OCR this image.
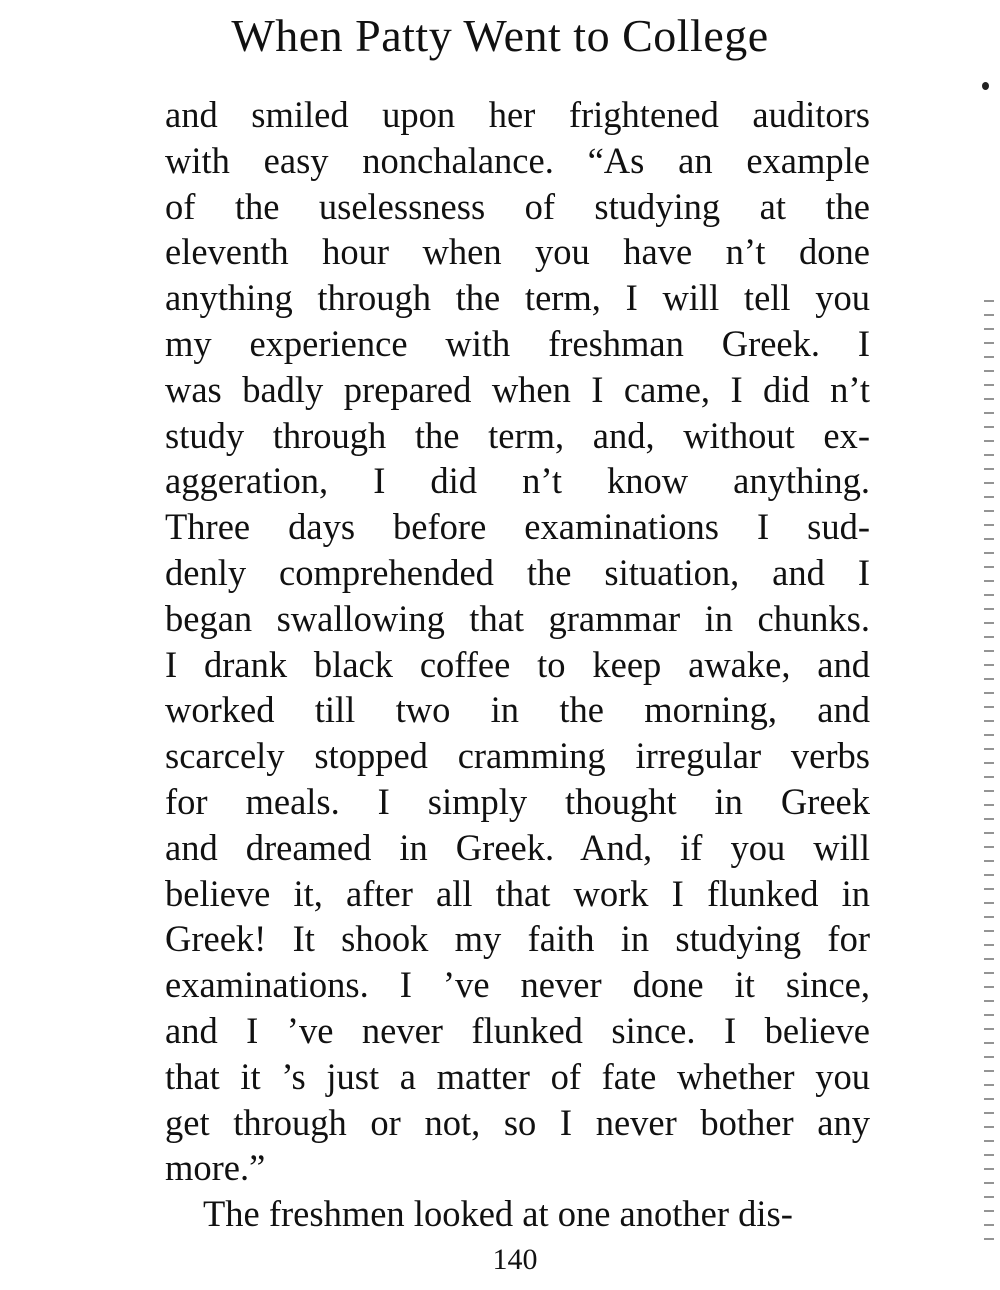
When Patty Went to College
and smiled upon her frightened auditors
with easy nonchalance. “As an example
of the uselessness of studying at the
eleventh hour when you have n’t done
anything through the term, I will tell you
my experience with freshman Greek. I
was badly prepared when I came, I did n’t
study through the term, and, without ex-
aggeration, I did n’t know anything.
Three days before examinations I sud-
denly comprehended the situation, and I
began swallowing that grammar in chunks.
I drank black coffee to keep awake, and
worked till two in the morning, and
scarcely stopped cramming irregular verbs
for meals. I simply thought in Greek
and dreamed in Greek. And, if you will
believe it, after all that work I flunked in
Greek! It shook my faith in studying for
examinations. I ’ve never done it since,
and I ’ve never flunked since. I believe
that it ’s just a matter of fate whether you
get through or not, so I never bother any
more.”
The freshmen looked at one another dis-
140
